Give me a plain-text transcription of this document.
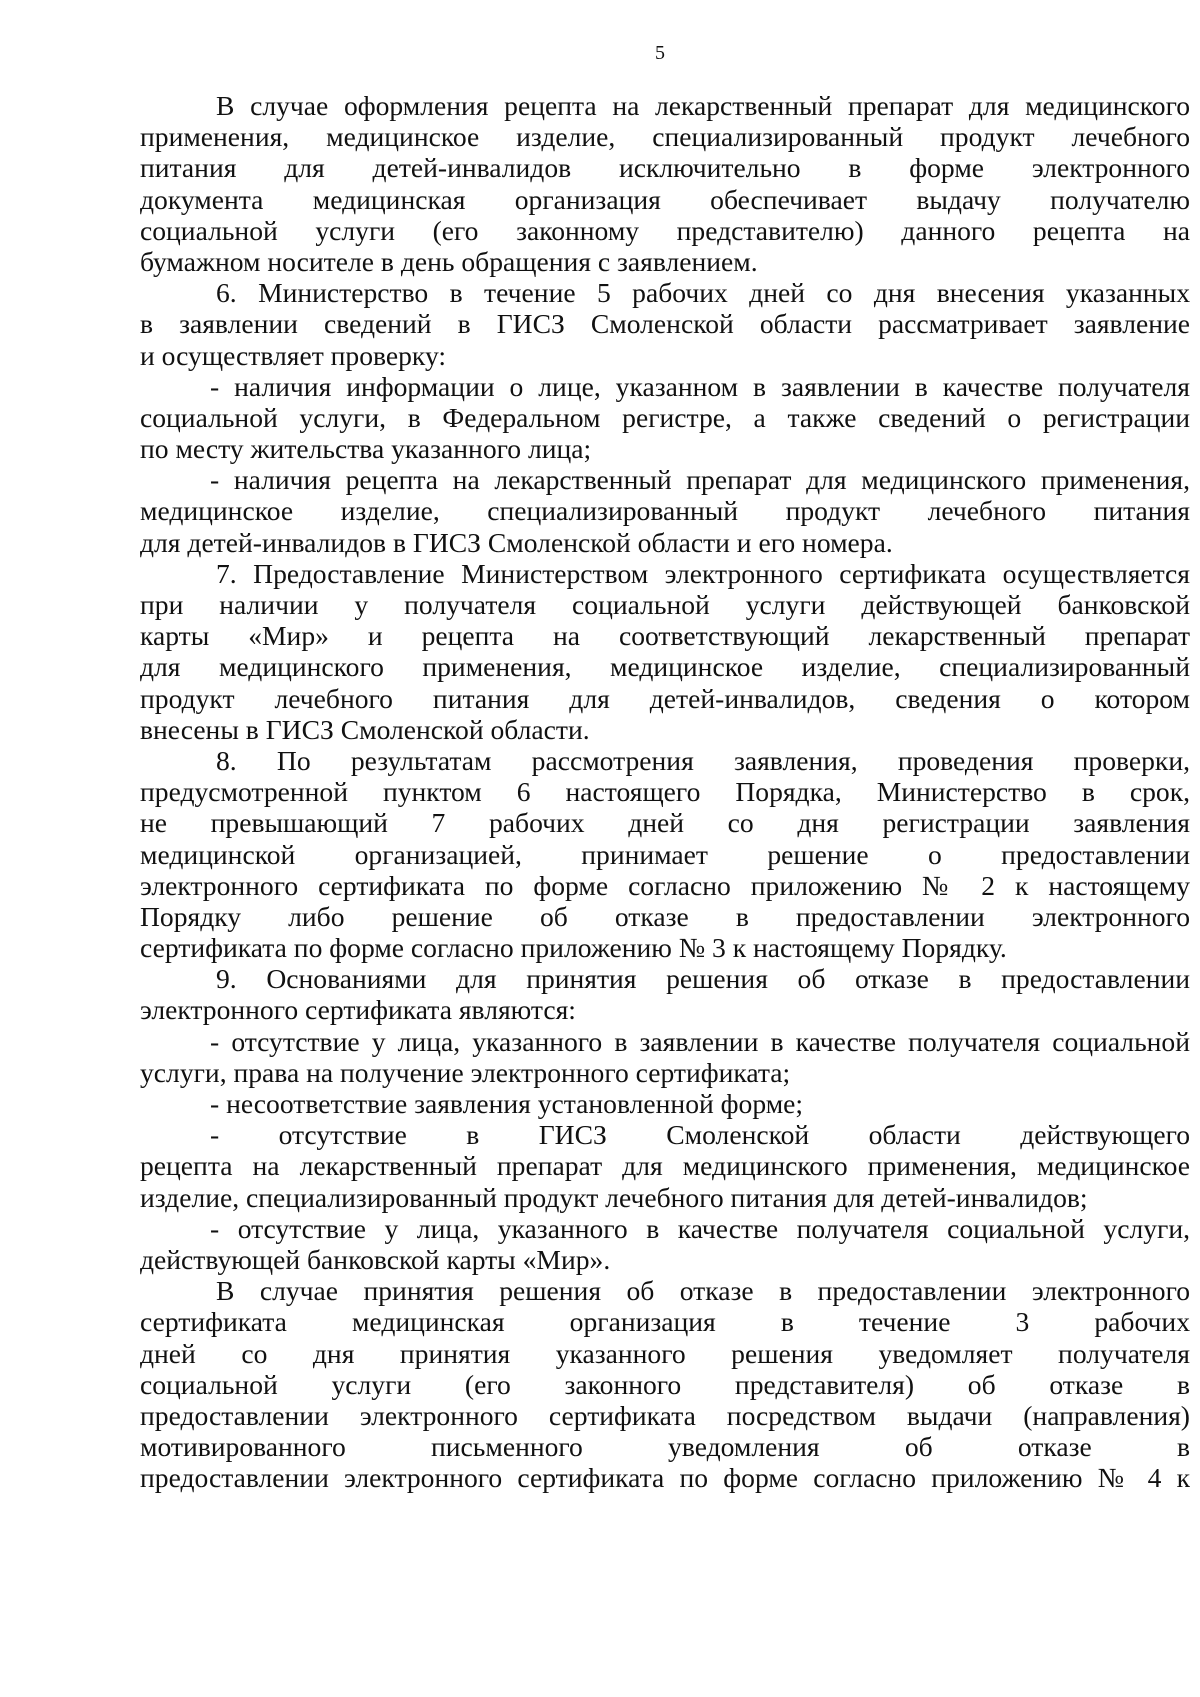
5
В случае оформления рецепта на лекарственный препарат для медицинского
применения, медицинское изделие, специализированный продукт лечебного
питания для детей-инвалидов исключительно в форме электронного
документа медицинская организация обеспечивает выдачу получателю
социальной услуги (его законному представителю) данного рецепта на
бумажном носителе в день обращения с заявлением.
6. Министерство в течение 5 рабочих дней со дня внесения указанных
в заявлении сведений в ГИСЗ Смоленской области рассматривает заявление
и осуществляет проверку:
- наличия информации о лице, указанном в заявлении в качестве получателя
социальной услуги, в Федеральном регистре, а также сведений о регистрации
по месту жительства указанного лица;
- наличия рецепта на лекарственный препарат для медицинского применения,
медицинское изделие, специализированный продукт лечебного питания
для детей-инвалидов в ГИСЗ Смоленской области и его номера.
7. Предоставление Министерством электронного сертификата осуществляется
при наличии у получателя социальной услуги действующей банковской
карты «Мир» и рецепта на соответствующий лекарственный препарат
для медицинского применения, медицинское изделие, специализированный
продукт лечебного питания для детей-инвалидов, сведения о котором
внесены в ГИСЗ Смоленской области.
8. По результатам рассмотрения заявления, проведения проверки,
предусмотренной пунктом 6 настоящего Порядка, Министерство в срок,
не превышающий 7 рабочих дней со дня регистрации заявления
медицинской организацией, принимает решение о предоставлении
электронного сертификата по форме согласно приложению № 2 к настоящему
Порядку либо решение об отказе в предоставлении электронного
сертификата по форме согласно приложению № 3 к настоящему Порядку.
9. Основаниями для принятия решения об отказе в предоставлении
электронного сертификата являются:
- отсутствие у лица, указанного в заявлении в качестве получателя социальной
услуги, права на получение электронного сертификата;
- несоответствие заявления установленной форме;
- отсутствие в ГИСЗ Смоленской области действующего
рецепта на лекарственный препарат для медицинского применения, медицинское
изделие, специализированный продукт лечебного питания для детей-инвалидов;
- отсутствие у лица, указанного в качестве получателя социальной услуги,
действующей банковской карты «Мир».
В случае принятия решения об отказе в предоставлении электронного
сертификата медицинская организация в течение 3 рабочих
дней со дня принятия указанного решения уведомляет получателя
социальной услуги (его законного представителя) об отказе в
предоставлении электронного сертификата посредством выдачи (направления)
мотивированного письменного уведомления об отказе в
предоставлении электронного сертификата по форме согласно приложению № 4 к
